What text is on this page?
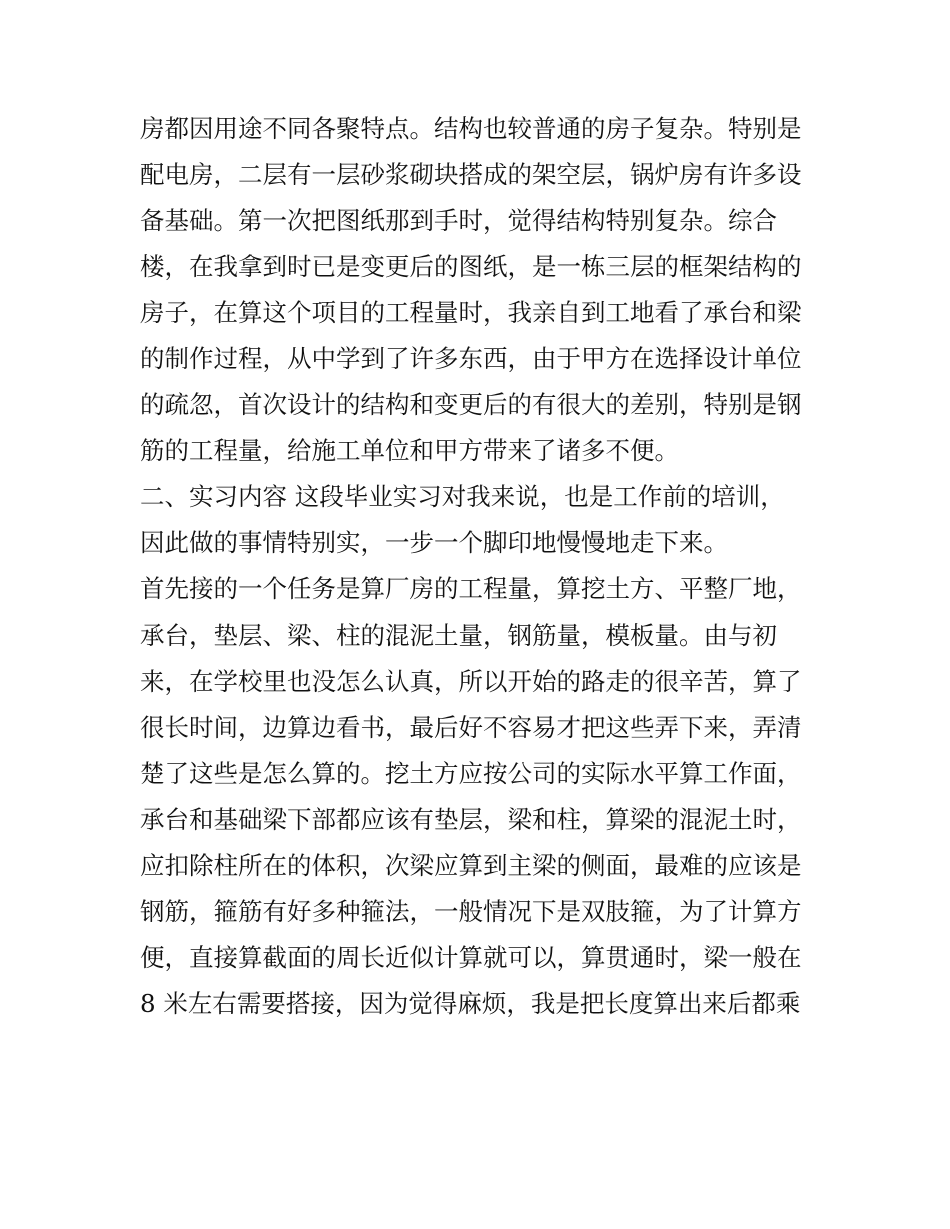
房都因用途不同各聚特点。结构也较普通的房子复杂。特别是
配电房，二层有一层砂浆砌块搭成的架空层，锅炉房有许多设
备基础。第一次把图纸那到手时，觉得结构特别复杂。综合
楼，在我拿到时已是变更后的图纸，是一栋三层的框架结构的
房子，在算这个项目的工程量时，我亲自到工地看了承台和梁
的制作过程，从中学到了许多东西，由于甲方在选择设计单位
的疏忽，首次设计的结构和变更后的有很大的差别，特别是钢
筋的工程量，给施工单位和甲方带来了诸多不便。
二、实习内容 这段毕业实习对我来说，也是工作前的培训，
因此做的事情特别实，一步一个脚印地慢慢地走下来。
首先接的一个任务是算厂房的工程量，算挖土方、平整厂地，
承台，垫层、梁、柱的混泥土量，钢筋量，模板量。由与初
来，在学校里也没怎么认真，所以开始的路走的很辛苦，算了
很长时间，边算边看书，最后好不容易才把这些弄下来，弄清
楚了这些是怎么算的。挖土方应按公司的实际水平算工作面，
承台和基础梁下部都应该有垫层，梁和柱，算梁的混泥土时，
应扣除柱所在的体积，次梁应算到主梁的侧面，最难的应该是
钢筋，箍筋有好多种箍法，一般情况下是双肢箍，为了计算方
便，直接算截面的周长近似计算就可以，算贯通时，梁一般在
8 米左右需要搭接，因为觉得麻烦，我是把长度算出来后都乘
